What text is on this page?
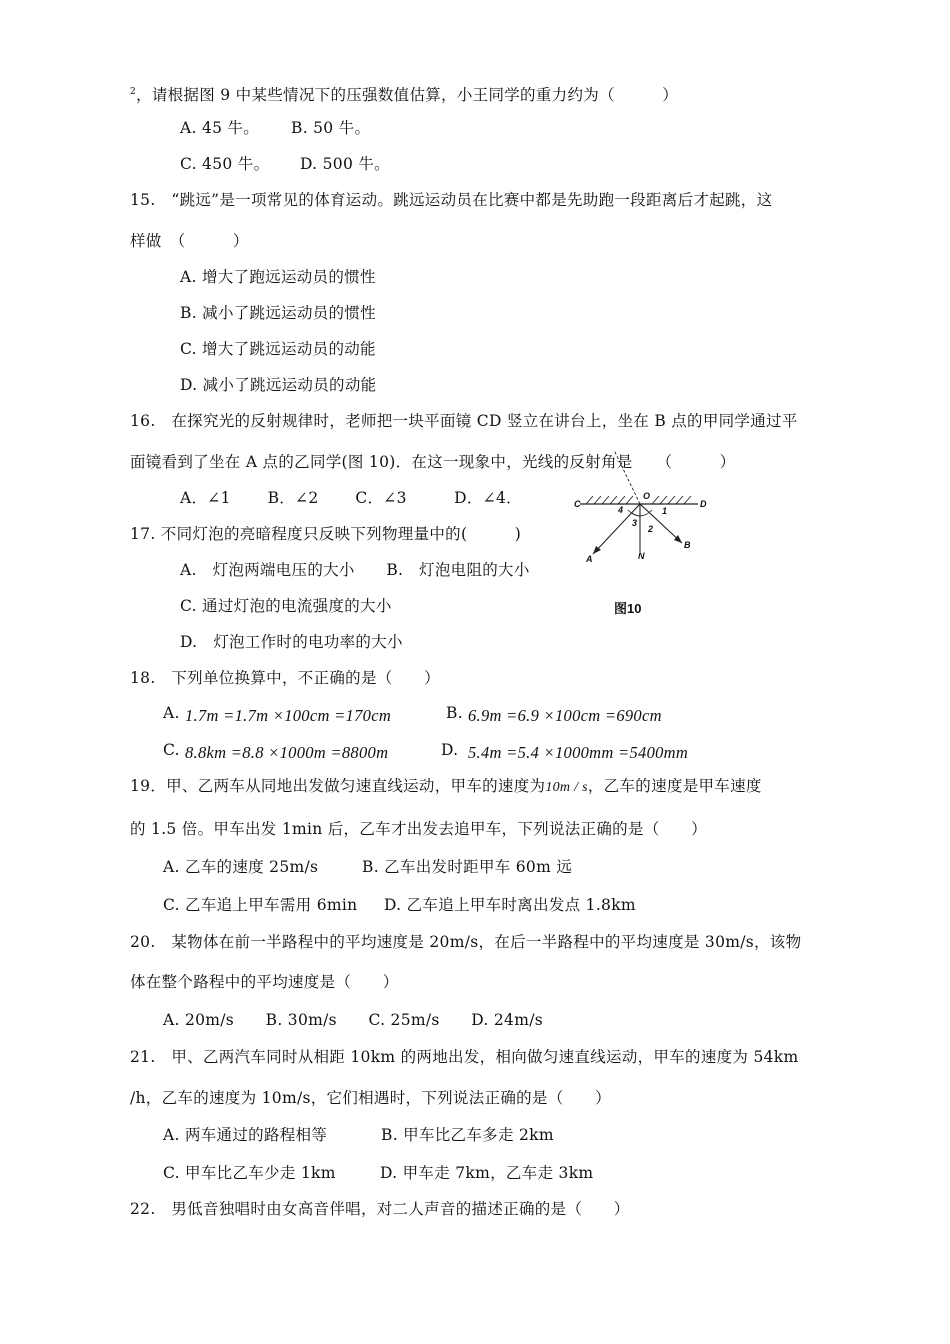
$^2$，请根据图 9 中某些情况下的压强数值估算，小王同学的重力约为（　　　）
A. 45 牛。 B. 50 牛。
C. 450 牛。 D. 500 牛。
15.　“跳远”是一项常见的体育运动。跳远运动员在比赛中都是先助跑一段距离后才起跳，这
样做　（　　　）
A. 增大了跑远运动员的惯性
B. 减小了跳远运动员的惯性
C. 增大了跳远运动员的动能
D. 减小了跳远运动员的动能
16.　在探究光的反射规律时，老师把一块平面镜 CD 竖立在讲台上，坐在 B 点的甲同学通过平
面镜看到了坐在 A 点的乙同学(图 10)．在这一现象中，光线的反射角是　　（　　　）
A．∠1　　 B．∠2　　 C．∠3　　　D．∠4．	C	D
O
A
B
N
1
2
3
4
图10
17. 不同灯泡的亮暗程度只反映下列物理量中的(　　　)
A.　灯泡两端电压的大小　　B.　灯泡电阻的大小
C. 通过灯泡的电流强度的大小
D.　灯泡工作时的电功率的大小
18.　下列单位换算中，不正确的是（　　）
A. 1.7m =1.7m ×100cm =170cm	B. 6.9m =6.9 ×100cm =690cm
C. 8.8km =8.8 ×1000m =8800m	D. 5.4m =5.4 ×1000mm =5400mm
19．甲、乙两车从同地出发做匀速直线运动，甲车的速度为10m / s，乙车的速度是甲车速度
的 1.5 倍。甲车出发 1min 后，乙车才出发去追甲车，下列说法正确的是（　　）
A. 乙车的速度 25m/s	B. 乙车出发时距甲车 60m 远
C. 乙车追上甲车需用 6min D. 乙车追上甲车时离出发点 1.8km
20.　某物体在前一半路程中的平均速度是 20m/s，在后一半路程中的平均速度是 30m/s，该物
体在整个路程中的平均速度是（　　）
A. 20m/s　　B. 30m/s　　C. 25m/s　　D. 24m/s
21.　甲、乙两汽车同时从相距 10km 的两地出发，相向做匀速直线运动，甲车的速度为 54km
/h，乙车的速度为 10m/s，它们相遇时，下列说法正确的是（　　）
A. 两车通过的路程相等	B. 甲车比乙车多走 2km
C. 甲车比乙车少走 1km	D. 甲车走 7km，乙车走 3km
22.　男低音独唱时由女高音伴唱，对二人声音的描述正确的是（　　）
